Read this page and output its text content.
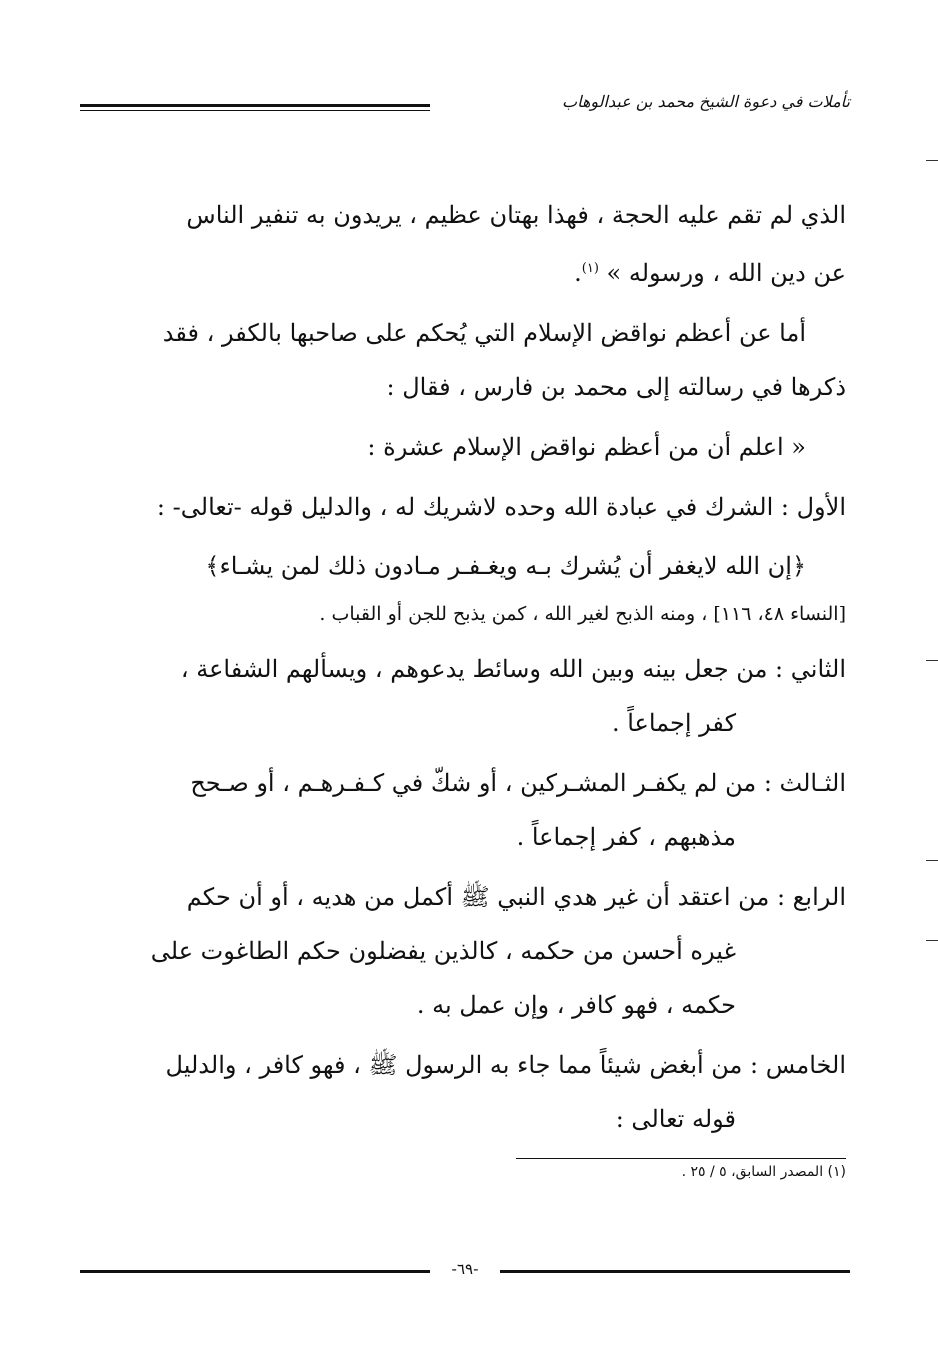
تأملات في دعوة الشيخ محمد بن عبدالوهاب
الذي لم تقم عليه الحجة ، فهذا بهتان عظيم ، يريدون به تنفير الناس
عن دين الله ، ورسوله » $^{(١)}$.
أما عن أعظم نواقض الإسلام التي يُحكم على صاحبها بالكفر ، فقد
ذكرها في رسالته إلى محمد بن فارس ، فقال :
« اعلم أن من أعظم نواقض الإسلام عشرة :
الأول : الشرك في عبادة الله وحده لاشريك له ، والدليل قوله -تعالى- :
﴿إن الله لايغفر أن يُشرك بـه ويغـفـر مـادون ذلك لمن يشـاء﴾
[النساء ٤٨، ١١٦] ، ومنه الذبح لغير الله ، كمن يذبح للجن أو القباب .
الثاني : من جعل بينه وبين الله وسائط يدعوهم ، ويسألهم الشفاعة ،
كفر إجماعاً .
الثـالث : من لم يكفـر المشـركين ، أو شكّ في كـفـرهـم ، أو صـحح
مذهبهم ، كفر إجماعاً .
الرابع : من اعتقد أن غير هدي النبي ﷺ أكمل من هديه ، أو أن حكم
غيره أحسن من حكمه ، كالذين يفضلون حكم الطاغوت على
حكمه ، فهو كافر ، وإن عمل به .
الخامس : من أبغض شيئاً مما جاء به الرسول ﷺ ، فهو كافر ، والدليل
قوله تعالى :
(١) المصدر السابق، ٥ / ٢٥ .
-٦٩-
